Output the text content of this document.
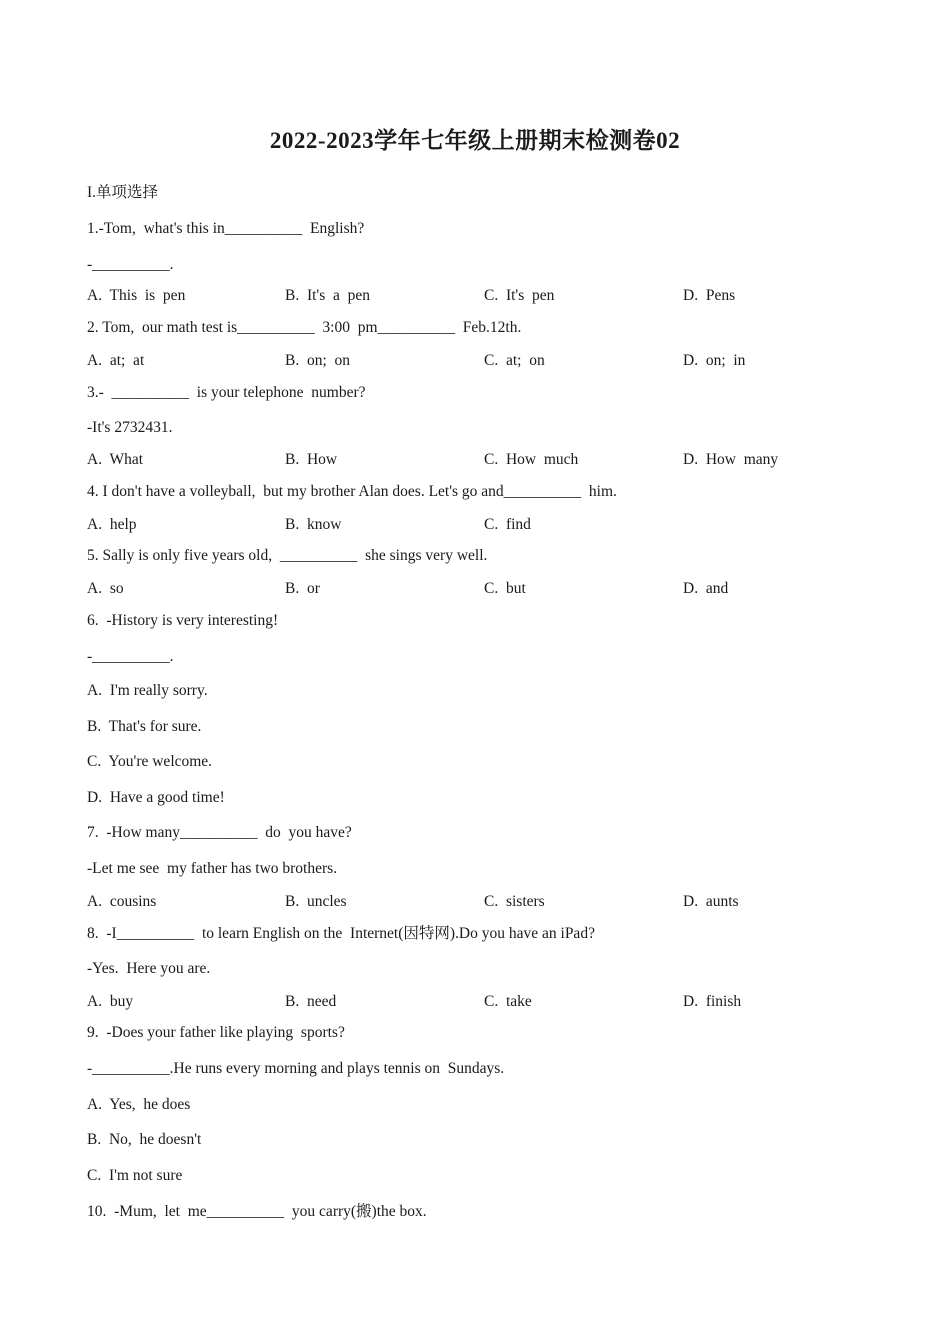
2022-2023学年七年级上册期末检测卷02
I.单项选择
1.-Tom,  what's this in__________  English?
-__________.
A.  This  is  pen	B.  It's  a  pen	C.  It's  pen	D.  Pens
2. Tom,  our math test is__________  3:00  pm__________  Feb.12th.
A.  at;  at	B.  on;  on	C.  at;  on	D.  on;  in
3.-  __________  is your telephone  number?
-It's 2732431.
A.  What	B.  How	C.  How  much	D.  How  many
4. I don't have a volleyball,  but my brother Alan does. Let's go and__________  him.
A.  help	B.  know	C.  find
5. Sally is only five years old,  __________  she sings very well.
A.  so	B.  or	C.  but	D.  and
6.  -History is very interesting!
-__________.
A.  I'm really sorry.
B.  That's for sure.
C.  You're welcome.
D.  Have a good time!
7.  -How many__________  do  you have?
-Let me see  my father has two brothers.
A.  cousins	B.  uncles	C.  sisters	D.  aunts
8.  -I__________  to learn English on the  Internet(因特网).Do you have an iPad?
-Yes.  Here you are.
A.  buy	B.  need	C.  take	D.  finish
9.  -Does your father like playing  sports?
-__________.He runs every morning and plays tennis on  Sundays.
A.  Yes,  he does
B.  No,  he doesn't
C.  I'm not sure
10.  -Mum,  let  me__________  you carry(搬)the box.
